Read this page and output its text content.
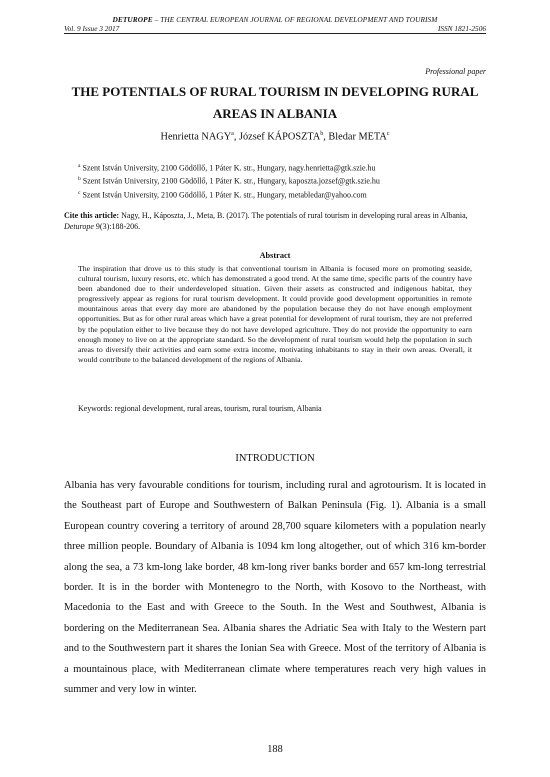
DETUROPE – THE CENTRAL EUROPEAN JOURNAL OF REGIONAL DEVELOPMENT AND TOURISM
Vol. 9 Issue 3 2017	ISSN 1821-2506
Professional paper
THE POTENTIALS OF RURAL TOURISM IN DEVELOPING RURAL
AREAS IN ALBANIA
Henrietta NAGY$^a$, József KÁPOSZTA$^b$, Bledar META$^c$
$^a$ Szent István University, 2100 Gödöllő, 1 Páter K. str., Hungary, nagy.henrietta@gtk.szie.hu
$^b$ Szent István University, 2100 Gödöllő, 1 Páter K. str., Hungary, kaposzta.jozsef@gtk.szie.hu
$^c$ Szent István University, 2100 Gödöllő, 1 Páter K. str., Hungary, metabledar@yahoo.com
Cite this article: Nagy, H., Káposzta, J., Meta, B. (2017). The potentials of rural tourism in developing rural areas in Albania, Deturope 9(3):188-206.
Abstract
The inspiration that drove us to this study is that conventional tourism in Albania is focused more on promoting seaside, cultural tourism, luxury resorts, etc. which has demonstrated a good trend. At the same time, specific parts of the country have been abandoned due to their underdeveloped situation. Given their assets as constructed and indigenous habitat, they progressively appear as regions for rural tourism development. It could provide good development opportunities in remote mountainous areas that every day more are abandoned by the population because they do not have enough employment opportunities. But as for other rural areas which have a great potential for development of rural tourism, they are not preferred by the population either to live because they do not have developed agriculture. They do not provide the opportunity to earn enough money to live on at the appropriate standard. So the development of rural tourism would help the population in such areas to diversify their activities and earn some extra income, motivating inhabitants to stay in their own areas. Overall, it would contribute to the balanced development of the regions of Albania.
Keywords: regional development, rural areas, tourism, rural tourism, Albania
INTRODUCTION
Albania has very favourable conditions for tourism, including rural and agrotourism. It is located in the Southeast part of Europe and Southwestern of Balkan Peninsula (Fig. 1). Albania is a small European country covering a territory of around 28,700 square kilometers with a population nearly three million people. Boundary of Albania is 1094 km long altogether, out of which 316 km-border along the sea, a 73 km-long lake border, 48 km-long river banks border and 657 km-long terrestrial border. It is in the border with Montenegro to the North, with Kosovo to the Northeast, with Macedonia to the East and with Greece to the South. In the West and Southwest, Albania is bordering on the Mediterranean Sea. Albania shares the Adriatic Sea with Italy to the Western part and to the Southwestern part it shares the Ionian Sea with Greece. Most of the territory of Albania is a mountainous place, with Mediterranean climate where temperatures reach very high values in summer and very low in winter.
188
